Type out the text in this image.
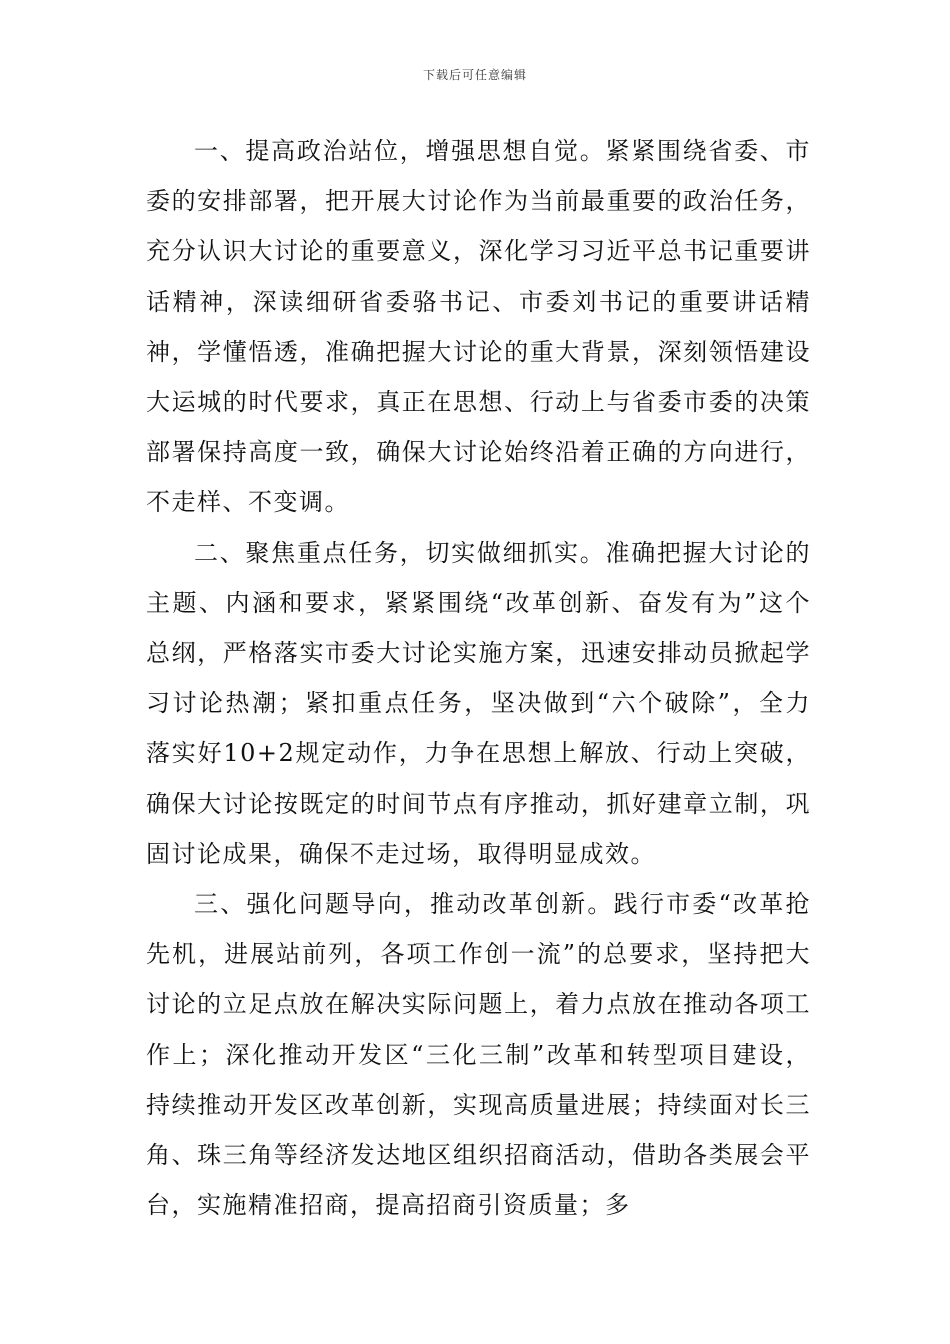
下载后可任意编辑

一、提高政治站位，增强思想自觉。紧紧围绕省委、市委的安排部署，把开展大讨论作为当前最重要的政治任务，充分认识大讨论的重要意义，深化学习习近平总书记重要讲话精神，深读细研省委骆书记、市委刘书记的重要讲话精神，学懂悟透，准确把握大讨论的重大背景，深刻领悟建设大运城的时代要求，真正在思想、行动上与省委市委的决策部署保持高度一致，确保大讨论始终沿着正确的方向进行，不走样、不变调。

二、聚焦重点任务，切实做细抓实。准确把握大讨论的主题、内涵和要求，紧紧围绕“改革创新、奋发有为”这个总纲，严格落实市委大讨论实施方案，迅速安排动员掀起学习讨论热潮；紧扣重点任务，坚决做到“六个破除”，全力落实好10+2规定动作，力争在思想上解放、行动上突破，确保大讨论按既定的时间节点有序推动，抓好建章立制，巩固讨论成果，确保不走过场，取得明显成效。

三、强化问题导向，推动改革创新。践行市委“改革抢先机，进展站前列，各项工作创一流”的总要求，坚持把大讨论的立足点放在解决实际问题上，着力点放在推动各项工作上；深化推动开发区“三化三制”改革和转型项目建设，持续推动开发区改革创新，实现高质量进展；持续面对长三角、珠三角等经济发达地区组织招商活动，借助各类展会平台，实施精准招商，提高招商引资质量；多
